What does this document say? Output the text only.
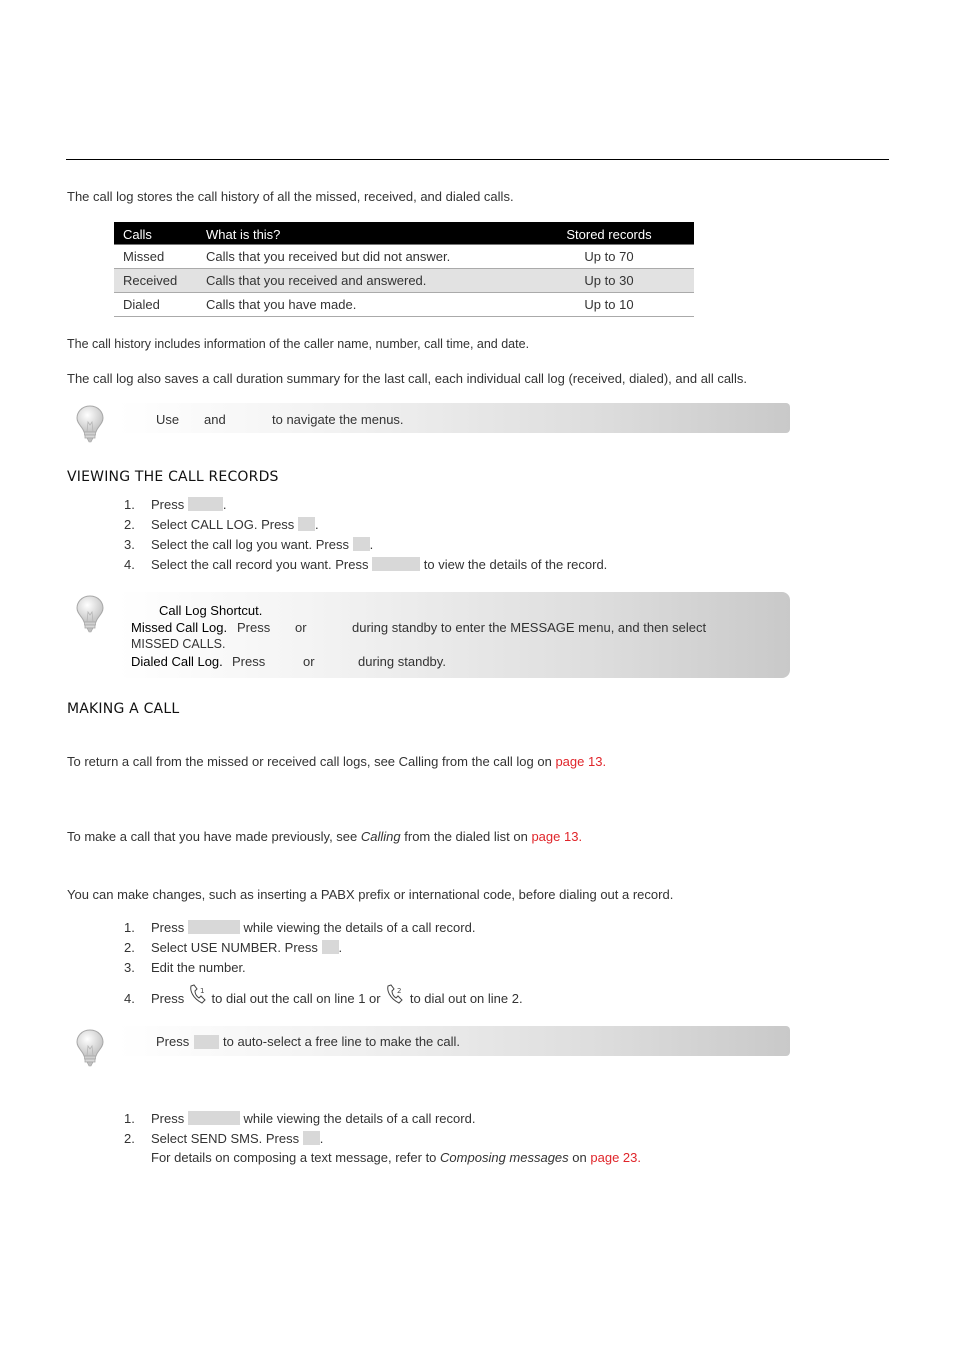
The call log stores the call history of all the missed, received, and dialed calls.

Calls	What is this?	Stored records

Missed	Calls that you received but did not answer.	Up to 70
Received	Calls that you received and answered.	Up to 30
Dialed	Calls that you have made.	Up to 10

The call history includes information of the caller name, number, call time, and date.

The call log also saves a call duration summary for the last call, each individual call log (received, dialed), and all calls.

Use and	to navigate the menus.
VIEWING THE CALL RECORDS
1. Press	.
2. Select CALL LOG. Press .
3. Select the call log you want. Press .
4. Select the call record you want. Press	to view the details of the record.
Call Log Shortcut.
Missed Call Log. Press or	during standby to enter the MESSAGE menu, and then select
MISSED CALLS.
Dialed Call Log. Press	or	during standby.
MAKING A CALL

To return a call from the missed or received call logs, see Calling from the call log on page 13.

To make a call that you have made previously, see Calling from the dialed list on page 13.

You can make changes, such as inserting a PABX prefix or international code, before dialing out a record.

1. Press	while viewing the details of a call record.
2. Select USE NUMBER. Press .
3. Edit the number.
4. Press 1 to dial out the call on line 1 or 2 to dial out on line 2.
Press	to auto-select a free line to make the call.
1. Press	while viewing the details of a call record.
2. Select SEND SMS. Press .
For details on composing a text message, refer to Composing messages on page 23.
